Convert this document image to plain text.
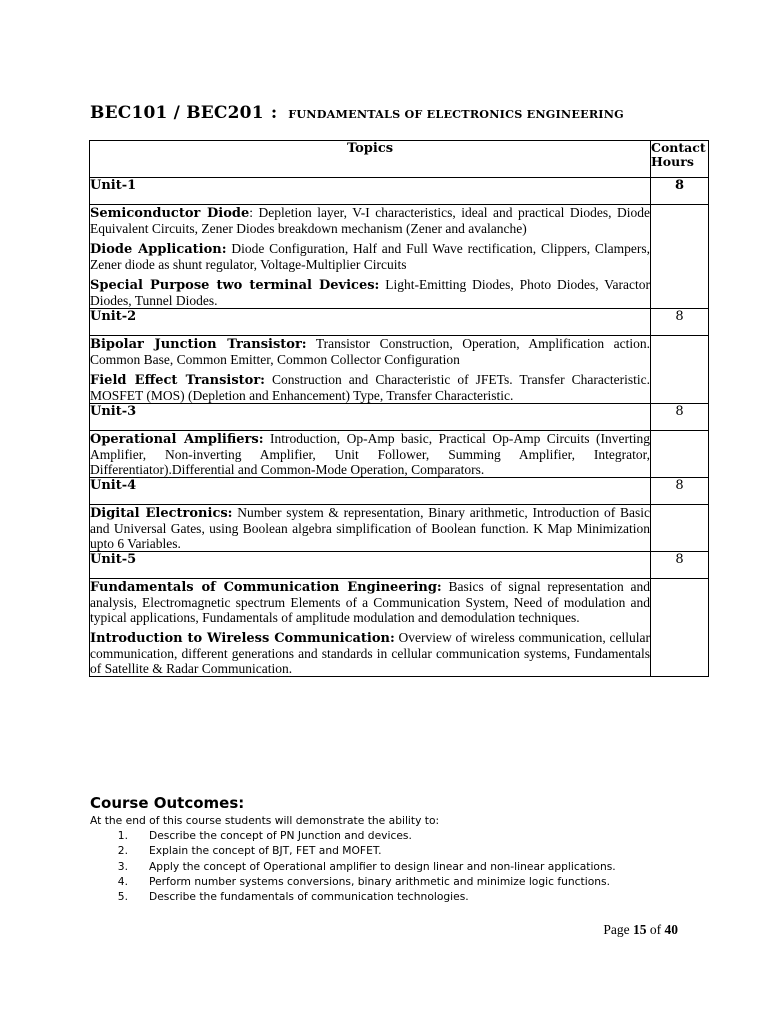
BEC101 / BEC201 : FUNDAMENTALS OF ELECTRONICS ENGINEERING
Topics	Contact
Hours
Unit-1	8

Semiconductor Diode: Depletion layer, V-I characteristics, ideal and practical Diodes, Diode Equivalent Circuits, Zener Diodes breakdown mechanism (Zener and avalanche)
Diode Application: Diode Configuration, Half and Full Wave rectification, Clippers, Clampers, Zener diode as shunt regulator, Voltage-Multiplier Circuits
Special Purpose two terminal Devices: Light-Emitting Diodes, Photo Diodes, Varactor Diodes, Tunnel Diodes.	

Unit-2	8

Bipolar Junction Transistor: Transistor Construction, Operation, Amplification action. Common Base, Common Emitter, Common Collector Configuration
Field Effect Transistor: Construction and Characteristic of JFETs. Transfer Characteristic. MOSFET (MOS) (Depletion and Enhancement) Type, Transfer Characteristic.	

Unit-3	8

Operational Amplifiers: Introduction, Op-Amp basic, Practical Op-Amp Circuits (Inverting Amplifier, Non-inverting Amplifier, Unit Follower, Summing Amplifier, Integrator, Differentiator).Differential and Common-Mode Operation, Comparators.	

Unit-4	8

Digital Electronics: Number system & representation, Binary arithmetic, Introduction of Basic and Universal Gates, using Boolean algebra simplification of Boolean function. K Map Minimization upto 6 Variables.	

Unit-5	8

Fundamentals of Communication Engineering: Basics of signal representation and analysis, Electromagnetic spectrum Elements of a Communication System, Need of modulation and typical applications, Fundamentals of amplitude modulation and demodulation techniques.
Introduction to Wireless Communication: Overview of wireless communication, cellular communication, different generations and standards in cellular communication systems, Fundamentals of Satellite & Radar Communication.	

Course Outcomes:
At the end of this course students will demonstrate the ability to:
1. Describe the concept of PN Junction and devices.
2. Explain the concept of BJT, FET and MOFET.
3. Apply the concept of Operational amplifier to design linear and non-linear applications.
4. Perform number systems conversions, binary arithmetic and minimize logic functions.
5. Describe the fundamentals of communication technologies.
Page 15 of 40
